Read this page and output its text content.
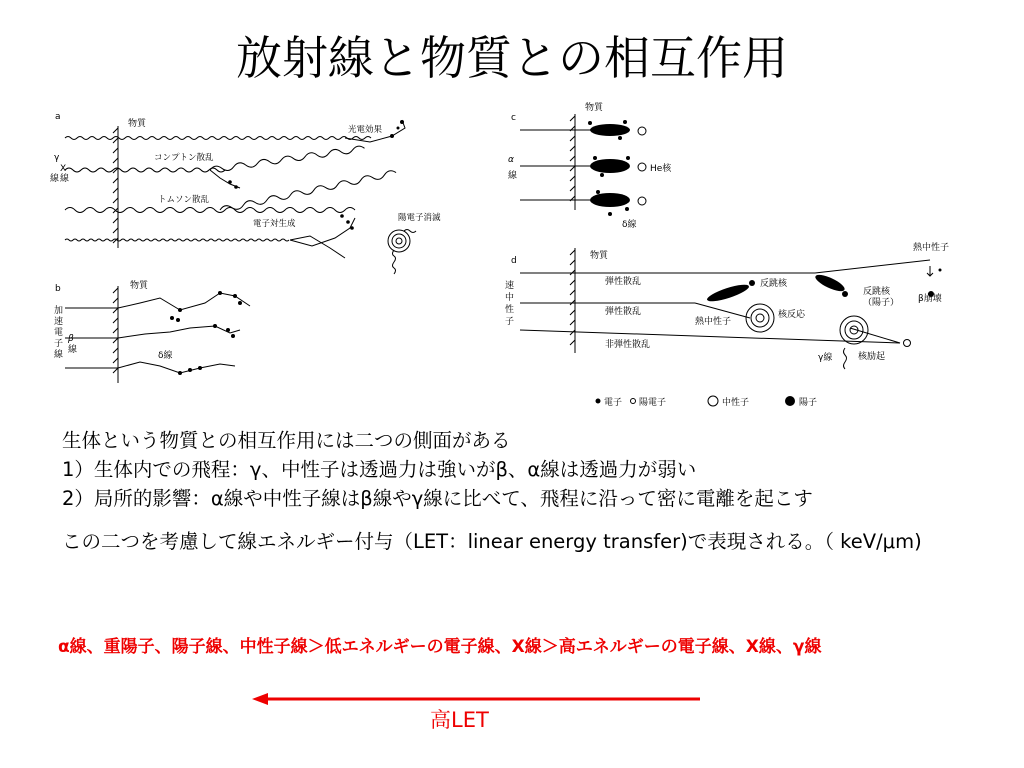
放射線と物質との相互作用
a
物質
γ
X
線
線
光電効果
コンプトン散乱
トムソン散乱
電子対生成
陽電子消滅
b	物質
加
速
電
子
線
β
線
δ線
c
物質
He核
δ線
α
線
d	物質
弾性散乱	反跳核
反跳核
（陽子） β崩壊
熱中性子
弾性散乱	核反応
熱中性子
非弾性散乱
γ線	核励起
速
中
性
子
電子 陽電子	中性子	陽子
生体という物質との相互作用には二つの側面がある
1）生体内での飛程：γ、中性子は透過力は強いがβ、α線は透過力が弱い
2）局所的影響：α線や中性子線はβ線やγ線に比べて、飛程に沿って密に電離を起こす
この二つを考慮して線エネルギー付与（LET：linear energy transfer)で表現される。（ keV/μm)
α線、重陽子、陽子線、中性子線＞低エネルギーの電子線、X線＞高エネルギーの電子線、X線、γ線
高LET
